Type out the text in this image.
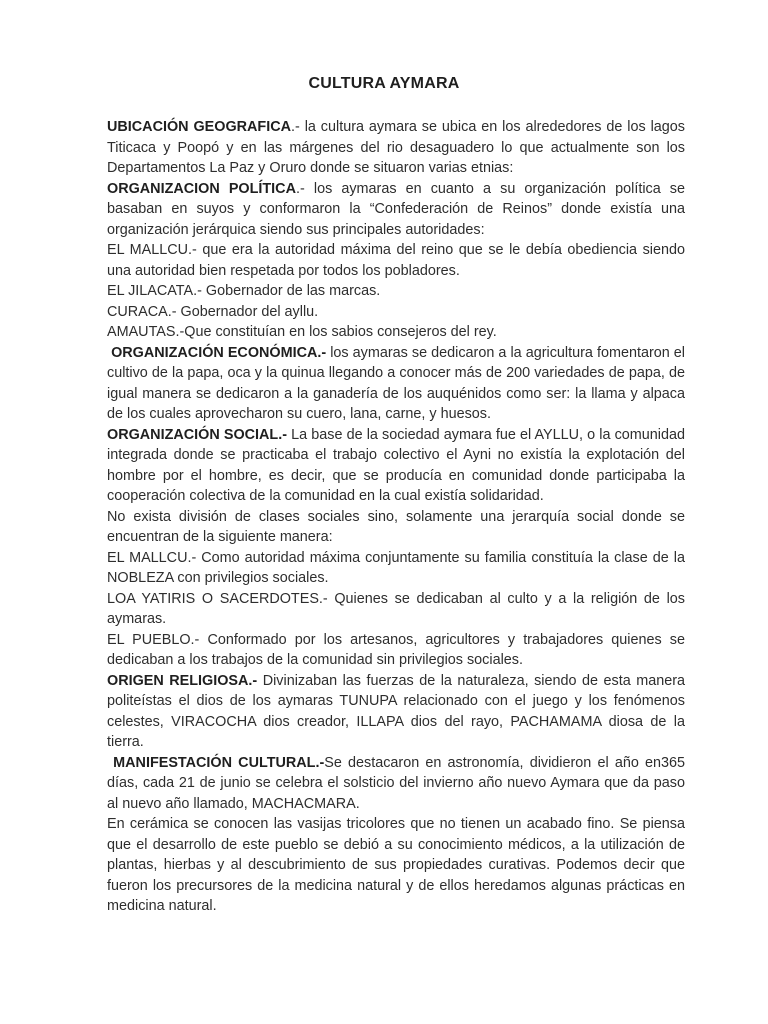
CULTURA AYMARA

UBICACIÓN GEOGRAFICA.- la cultura aymara se ubica en los alrededores de los lagos Titicaca y Poopó y en las márgenes del rio desaguadero lo que actualmente son los Departamentos La Paz y Oruro donde se situaron varias etnias:

ORGANIZACION POLÍTICA.- los aymaras en cuanto a su organización política se basaban en suyos y conformaron la “Confederación de Reinos” donde existía una organización jerárquica siendo sus principales autoridades:

EL MALLCU.- que era la autoridad máxima del reino que se le debía obediencia siendo una autoridad bien respetada por todos los pobladores.

EL JILACATA.- Gobernador de las marcas.

CURACA.- Gobernador del ayllu.

AMAUTAS.-Que constituían en los sabios consejeros del rey.

ORGANIZACIÓN ECONÓMICA.- los aymaras se dedicaron a la agricultura fomentaron el cultivo de la papa, oca y la quinua llegando a conocer más de 200 variedades de papa, de igual manera se dedicaron a la ganadería de los auquénidos como ser: la llama y alpaca de los cuales aprovecharon su cuero, lana, carne, y huesos.

ORGANIZACIÓN SOCIAL.- La base de la sociedad aymara fue el AYLLU, o la comunidad integrada donde se practicaba el trabajo colectivo el Ayni no existía la explotación del hombre por el hombre, es decir, que se producía en comunidad donde participaba la cooperación colectiva de la comunidad en la cual existía solidaridad.

No exista división de clases sociales sino, solamente una jerarquía social donde se encuentran de la siguiente manera:

EL MALLCU.- Como autoridad máxima conjuntamente su familia constituía la clase de la NOBLEZA con privilegios sociales.

LOA YATIRIS O SACERDOTES.- Quienes se dedicaban al culto y a la religión de los aymaras.

EL PUEBLO.- Conformado por los artesanos, agricultores y trabajadores quienes se dedicaban a los trabajos de la comunidad sin privilegios sociales.

ORIGEN RELIGIOSA.- Divinizaban las fuerzas de la naturaleza, siendo de esta manera politeístas el dios de los aymaras TUNUPA relacionado con el juego y los fenómenos celestes, VIRACOCHA dios creador, ILLAPA dios del rayo, PACHAMAMA diosa de la tierra.

MANIFESTACIÓN CULTURAL.-Se destacaron en astronomía, dividieron el año en365 días, cada 21 de junio se celebra el solsticio del invierno año nuevo Aymara que da paso al nuevo año llamado, MACHACMARA.

En cerámica se conocen las vasijas tricolores que no tienen un acabado fino. Se piensa que el desarrollo de este pueblo se debió a su conocimiento médicos, a la utilización de plantas, hierbas y al descubrimiento de sus propiedades curativas. Podemos decir que fueron los precursores de la medicina natural y de ellos heredamos algunas prácticas en medicina natural.
